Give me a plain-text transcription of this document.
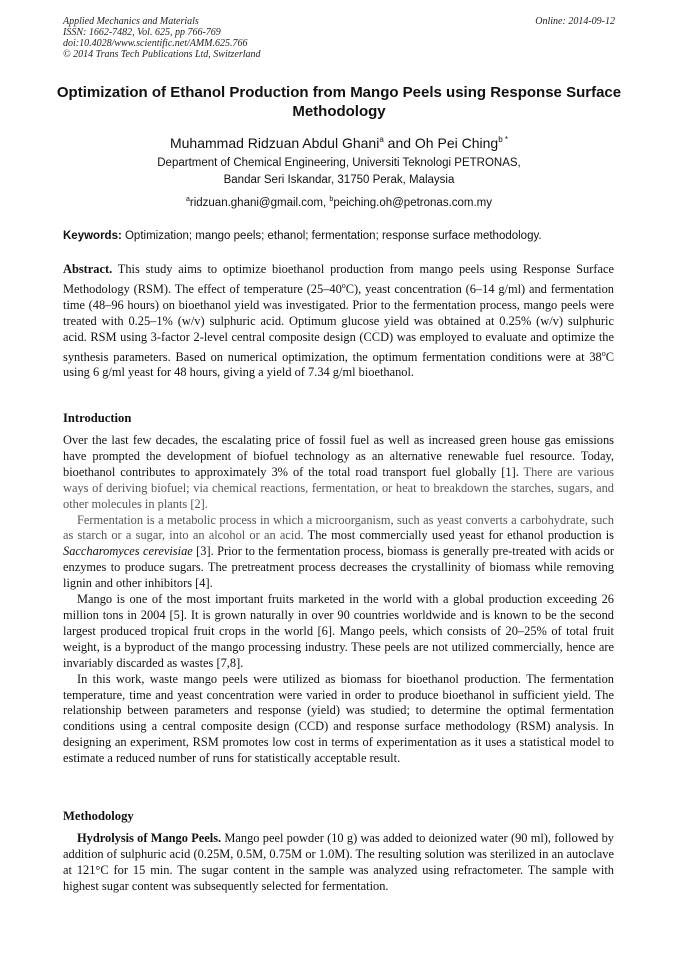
Applied Mechanics and Materials
ISSN: 1662-7482, Vol. 625, pp 766-769
doi:10.4028/www.scientific.net/AMM.625.766
© 2014 Trans Tech Publications Ltd, Switzerland
Online: 2014-09-12
Optimization of Ethanol Production from Mango Peels using Response Surface Methodology
Muhammad Ridzuan Abdul Ghani$^a$ and Oh Pei Ching$^{b *}$
Department of Chemical Engineering, Universiti Teknologi PETRONAS,
Bandar Seri Iskandar, 31750 Perak, Malaysia
$^a$ridzuan.ghani@gmail.com, $^b$peiching.oh@petronas.com.my
Keywords: Optimization; mango peels; ethanol; fermentation; response surface methodology.

Abstract. This study aims to optimize bioethanol production from mango peels using Response Surface Methodology (RSM). The effect of temperature (25–40$^o$C), yeast concentration (6–14 g/ml) and fermentation time (48–96 hours) on bioethanol yield was investigated. Prior to the fermentation process, mango peels were treated with 0.25–1% (w/v) sulphuric acid. Optimum glucose yield was obtained at 0.25% (w/v) sulphuric acid. RSM using 3-factor 2-level central composite design (CCD) was employed to evaluate and optimize the synthesis parameters. Based on numerical optimization, the optimum fermentation conditions were at 38$^o$C using 6 g/ml yeast for 48 hours, giving a yield of 7.34 g/ml bioethanol.

Introduction

Over the last few decades, the escalating price of fossil fuel as well as increased green house gas emissions have prompted the development of biofuel technology as an alternative renewable fuel resource. Today, bioethanol contributes to approximately 3% of the total road transport fuel globally [1]. There are various ways of deriving biofuel; via chemical reactions, fermentation, or heat to breakdown the starches, sugars, and other molecules in plants [2].

Fermentation is a metabolic process in which a microorganism, such as yeast converts a carbohydrate, such as starch or a sugar, into an alcohol or an acid. The most commercially used yeast for ethanol production is Saccharomyces cerevisiae [3]. Prior to the fermentation process, biomass is generally pre-treated with acids or enzymes to produce sugars. The pretreatment process decreases the crystallinity of biomass while removing lignin and other inhibitors [4].

Mango is one of the most important fruits marketed in the world with a global production exceeding 26 million tons in 2004 [5]. It is grown naturally in over 90 countries worldwide and is known to be the second largest produced tropical fruit crops in the world [6]. Mango peels, which consists of 20–25% of total fruit weight, is a byproduct of the mango processing industry. These peels are not utilized commercially, hence are invariably discarded as wastes [7,8].

In this work, waste mango peels were utilized as biomass for bioethanol production. The fermentation temperature, time and yeast concentration were varied in order to produce bioethanol in sufficient yield. The relationship between parameters and response (yield) was studied; to determine the optimal fermentation conditions using a central composite design (CCD) and response surface methodology (RSM) analysis. In designing an experiment, RSM promotes low cost in terms of experimentation as it uses a statistical model to estimate a reduced number of runs for statistically acceptable result.

Methodology

Hydrolysis of Mango Peels. Mango peel powder (10 g) was added to deionized water (90 ml), followed by addition of sulphuric acid (0.25M, 0.5M, 0.75M or 1.0M). The resulting solution was sterilized in an autoclave at 121°C for 15 min. The sugar content in the sample was analyzed using refractometer. The sample with highest sugar content was subsequently selected for fermentation.
